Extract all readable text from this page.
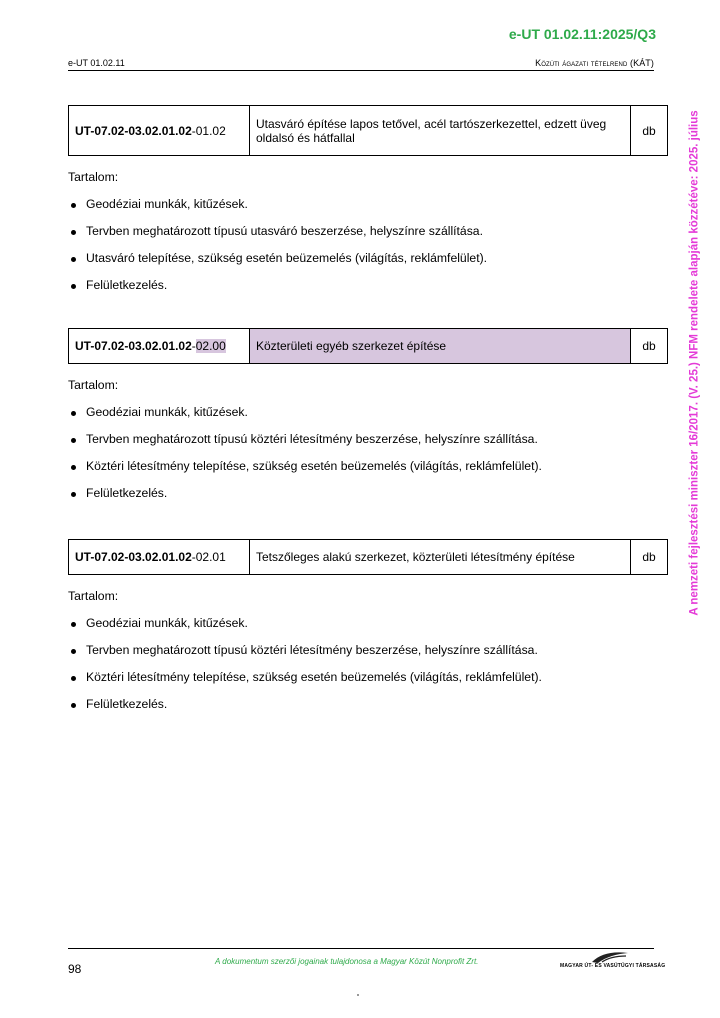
e-UT 01.02.11:2025/Q3
e-UT 01.02.11	Közúti ágazati tételrend (KÁT)
A nemzeti fejlesztési miniszter 16/2017. (V. 25.) NFM rendelete alapján közzétéve: 2025. július
UT-07.02-03.02.01.02-01.02	Utasváró építése lapos tetővel, acél tartószerkezettel, edzett üveg oldalsó és hátfallal	db
Tartalom:
Geodéziai munkák, kitűzések.
Tervben meghatározott típusú utasváró beszerzése, helyszínre szállítása.
Utasváró telepítése, szükség esetén beüzemelés (világítás, reklámfelület).
Felületkezelés.
UT-07.02-03.02.01.02-02.00	Közterületi egyéb szerkezet építése	db
Tartalom:
Geodéziai munkák, kitűzések.
Tervben meghatározott típusú köztéri létesítmény beszerzése, helyszínre szállítása.
Köztéri létesítmény telepítése, szükség esetén beüzemelés (világítás, reklámfelület).
Felületkezelés.
UT-07.02-03.02.01.02-02.01	Tetszőleges alakú szerkezet, közterületi létesítmény építése	db
Tartalom:
Geodéziai munkák, kitűzések.
Tervben meghatározott típusú köztéri létesítmény beszerzése, helyszínre szállítása.
Köztéri létesítmény telepítése, szükség esetén beüzemelés (világítás, reklámfelület).
Felületkezelés.
98
A dokumentum szerzői jogainak tulajdonosa a Magyar Közút Nonprofit Zrt.	MAGYAR ÚT- ÉS VASÚTÜGYI TÁRSASÁG
